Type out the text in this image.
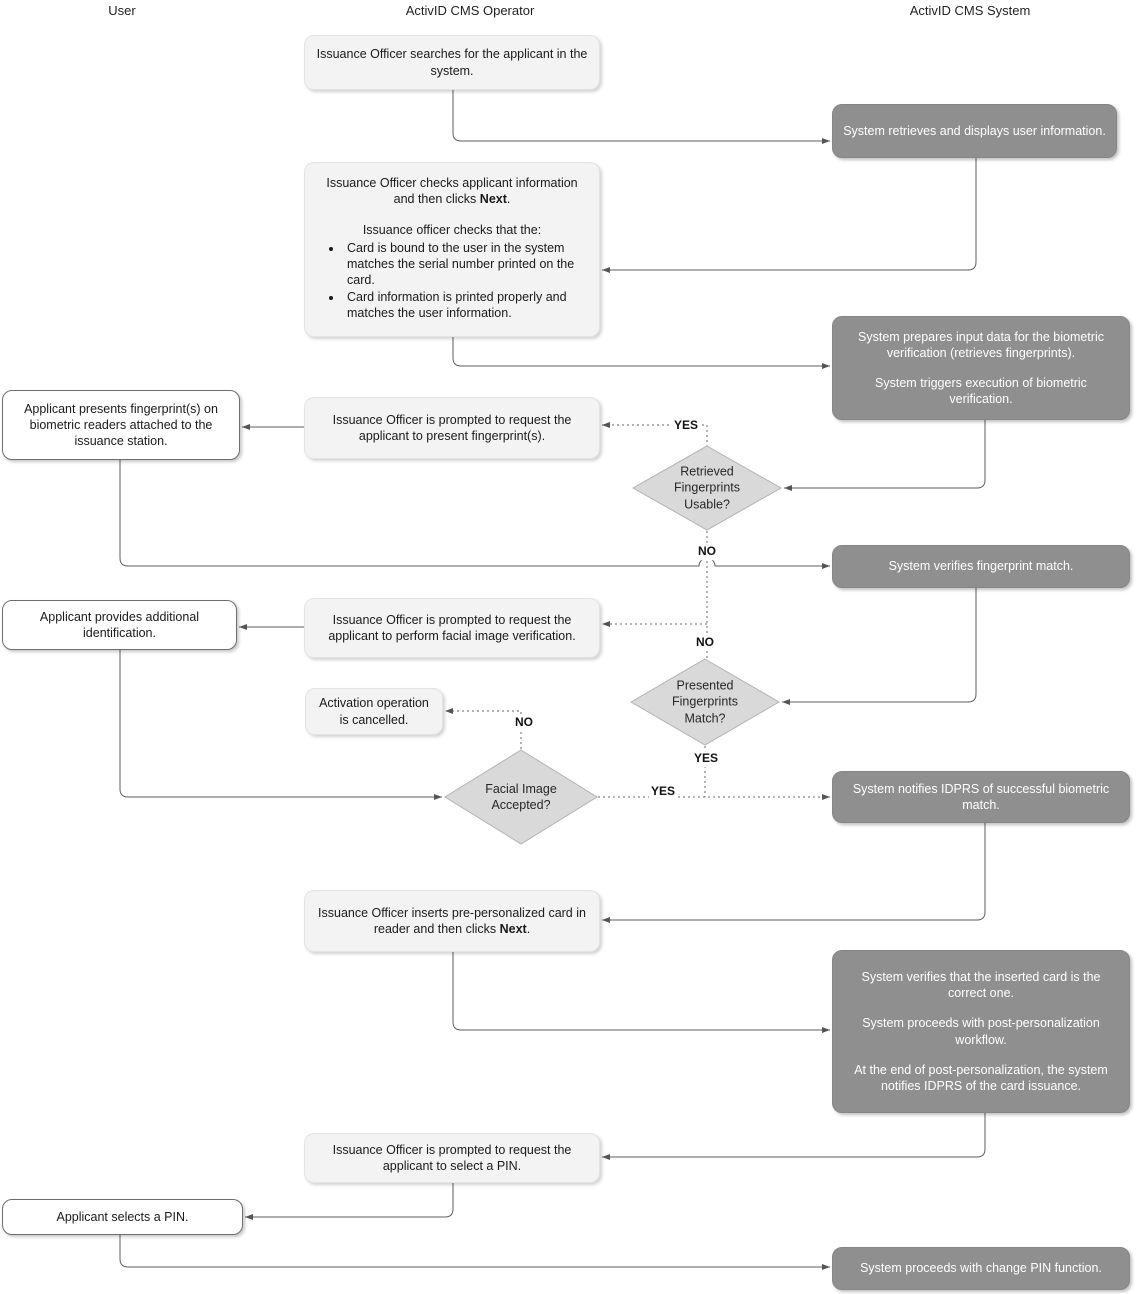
User	ActivID CMS Operator	ActivID CMS System

Issuance Officer searches for the applicant in the system.

Issuance Officer checks applicant information and then clicks Next.

Issuance officer checks that the:

• Card is bound to the user in the system matches the serial number printed on the card.
• Card information is printed properly and matches the user information.

Issuance Officer is prompted to request the applicant to present fingerprint(s).

Issuance Officer is prompted to request the applicant to perform facial image verification.

Activation operation is cancelled.

Issuance Officer inserts pre-personalized card in reader and then clicks Next.

Issuance Officer is prompted to request the applicant to select a PIN.

Applicant presents fingerprint(s) on biometric readers attached to the issuance station.

Applicant provides additional identification.

Applicant selects a PIN.

System retrieves and displays user information.

System prepares input data for the biometric verification (retrieves fingerprints).

System triggers execution of biometric verification.

System verifies fingerprint match.

System notifies IDPRS of successful biometric match.

System verifies that the inserted card is the correct one.

System proceeds with post-personalization workflow.

At the end of post-personalization, the system notifies IDPRS of the card issuance.

System proceeds with change PIN function.

Retrieved Fingerprints Usable?
Presented Fingerprints Match?
Facial Image Accepted?
YES
NO
NO
YES
YES
NO
